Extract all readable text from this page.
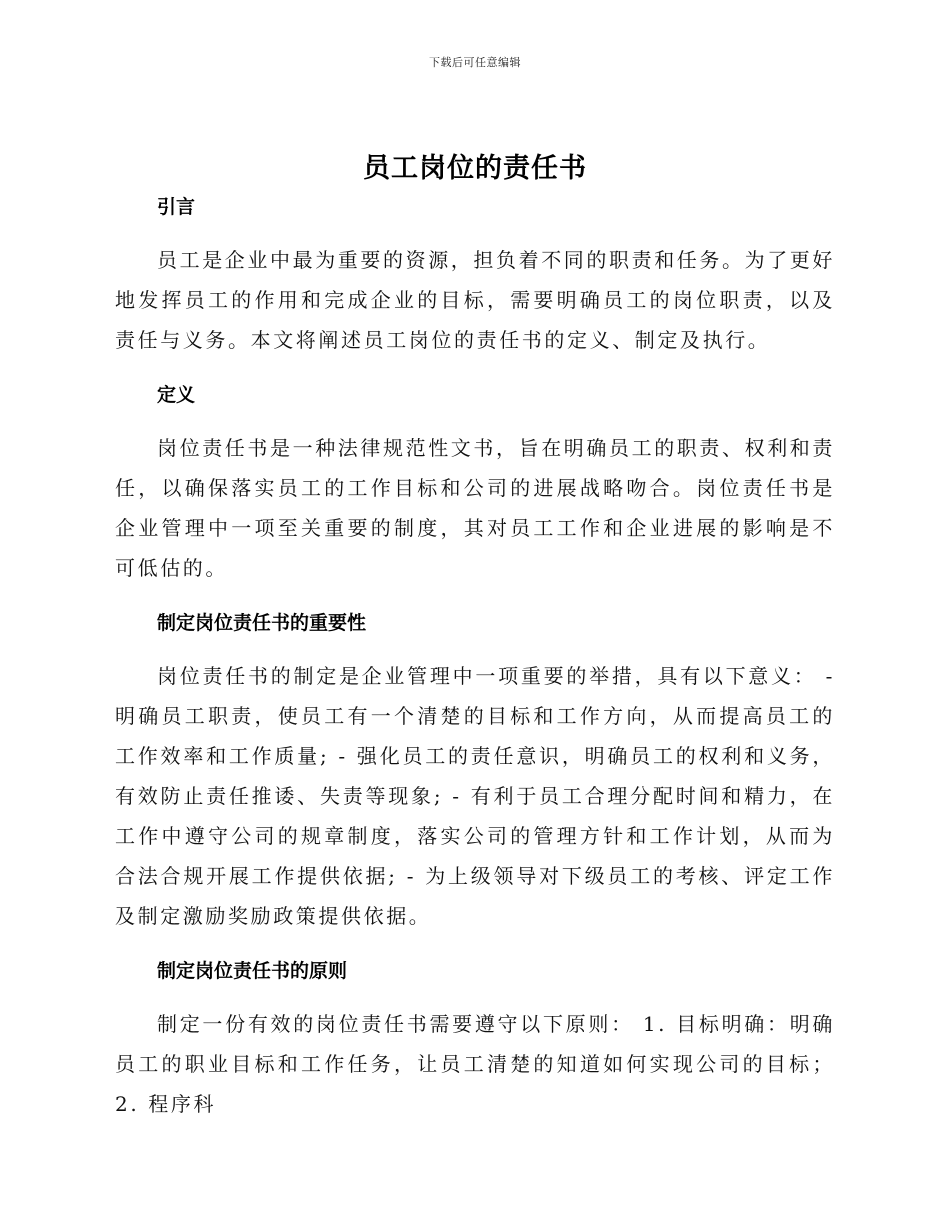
下载后可任意编辑
员工岗位的责任书
引言

员工是企业中最为重要的资源，担负着不同的职责和任务。为了更好地发挥员工的作用和完成企业的目标，需要明确员工的岗位职责，以及责任与义务。本文将阐述员工岗位的责任书的定义、制定及执行。

定义

岗位责任书是一种法律规范性文书，旨在明确员工的职责、权利和责任，以确保落实员工的工作目标和公司的进展战略吻合。岗位责任书是企业管理中一项至关重要的制度，其对员工工作和企业进展的影响是不可低估的。

制定岗位责任书的重要性

岗位责任书的制定是企业管理中一项重要的举措，具有以下意义： - 明确员工职责，使员工有一个清楚的目标和工作方向，从而提高员工的工作效率和工作质量; - 强化员工的责任意识，明确员工的权利和义务，有效防止责任推诿、失责等现象; - 有利于员工合理分配时间和精力，在工作中遵守公司的规章制度，落实公司的管理方针和工作计划，从而为合法合规开展工作提供依据; - 为上级领导对下级员工的考核、评定工作及制定激励奖励政策提供依据。

制定岗位责任书的原则

制定一份有效的岗位责任书需要遵守以下原则： 1. 目标明确：明确员工的职业目标和工作任务，让员工清楚的知道如何实现公司的目标； 2. 程序科
